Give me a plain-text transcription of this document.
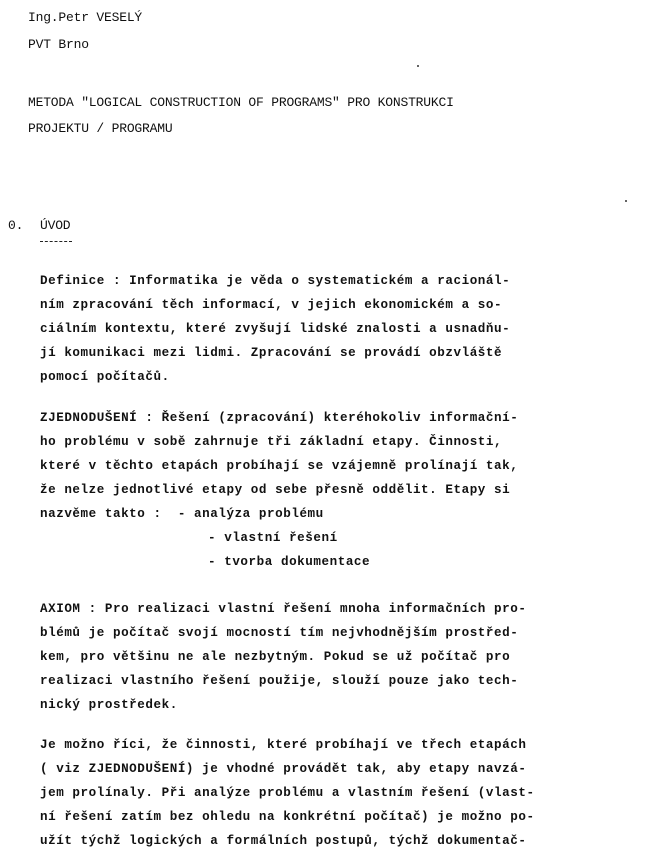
Ing.Petr VESELÝ
PVT Brno
METODA "LOGICAL CONSTRUCTION OF PROGRAMS" PRO KONSTRUKCI
PROJEKTU / PROGRAMU
0. ÚVOD
Definice : Informatika je věda o systematickém a racionál-
ním zpracování těch informací, v jejich ekonomickém a so-
ciálním kontextu, které zvyšují lidské znalosti a usnadňu-
jí komunikaci mezi lidmi. Zpracování se provádí obzvláště
pomocí počítačů.
ZJEDNODUŠENÍ : Řešení (zpracování) kteréhokoliv informační-
ho problému v sobě zahrnuje tři základní etapy. Činnosti,
které v těchto etapách probíhají se vzájemně prolínají tak,
že nelze jednotlivé etapy od sebe přesně oddělit. Etapy si
nazvěme takto :  - analýza problému
- vlastní řešení
- tvorba dokumentace
AXIOM : Pro realizaci vlastní řešení mnoha informačních pro-
blémů je počítač svojí mocností tím nejvhodnějším prostřed-
kem, pro většinu ne ale nezbytným. Pokud se už počítač pro
realizaci vlastního řešení použije, slouží pouze jako tech-
nický prostředek.
Je možno říci, že činnosti, které probíhají ve třech etapách
( viz ZJEDNODUŠENÍ) je vhodné provádět tak, aby etapy navzá-
jem prolínaly. Při analýze problému a vlastním řešení (vlast-
ní řešení zatím bez ohledu na konkrétní počítač) je možno po-
užít týchž logických a formálních postupů, týchž dokumentač-
